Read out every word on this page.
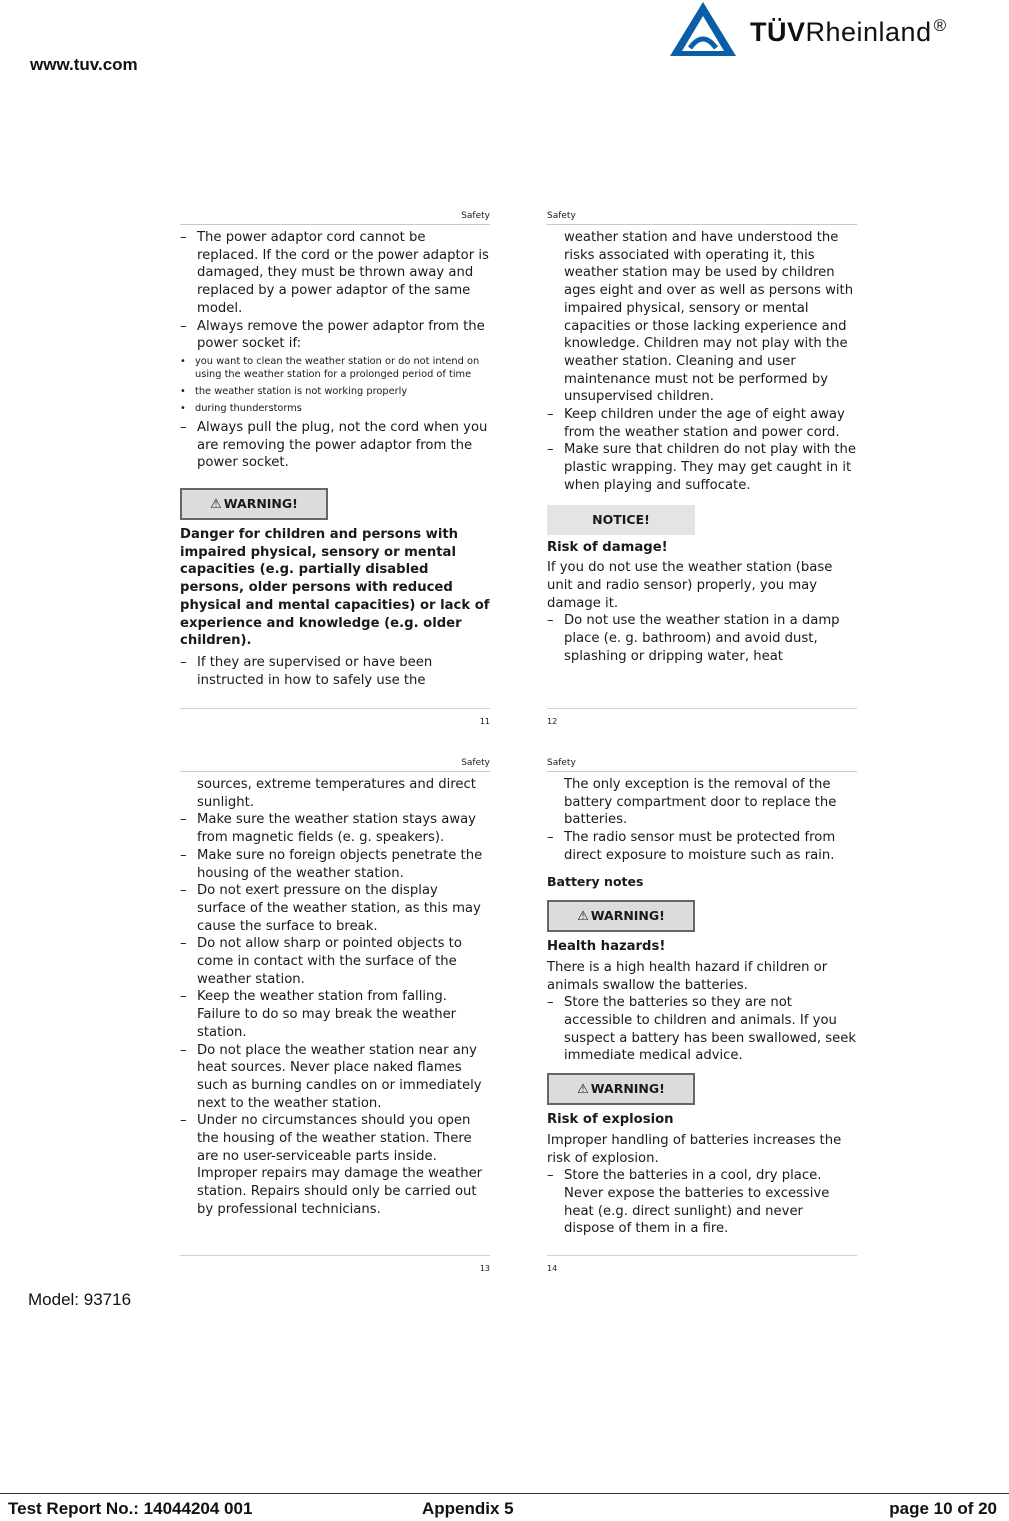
www.tuv.com
TÜVRheinland ®
Safety

– The power adaptor cord cannot be replaced. If the cord or the power adaptor is damaged, they must be thrown away and replaced by a power adaptor of the same model.

– Always remove the power adaptor from the power socket if:

• you want to clean the weather station or do not intend on using the weather station for a prolonged period of time

• the weather station is not working properly

• during thunderstorms

– Always pull the plug, not the cord when you are removing the power adaptor from the power socket.

⚠ WARNING!

Danger for children and persons with impaired physical, sensory or mental capacities (e.g. partially disabled persons, older persons with reduced physical and mental capacities) or lack of experience and knowledge (e.g. older children).

– If they are supervised or have been instructed in how to safely use the

11
Safety

weather station and have understood the risks associated with operating it, this weather station may be used by children ages eight and over as well as persons with impaired physical, sensory or mental capacities or those lacking experience and knowledge. Children may not play with the weather station. Cleaning and user maintenance must not be performed by unsupervised children.

– Keep children under the age of eight away from the weather station and power cord.

– Make sure that children do not play with the plastic wrapping. They may get caught in it when playing and suffocate.

NOTICE!

Risk of damage!

If you do not use the weather station (base unit and radio sensor) properly, you may damage it.

– Do not use the weather station in a damp place (e. g. bathroom) and avoid dust, splashing or dripping water, heat

12
Safety

sources, extreme temperatures and direct sunlight.

– Make sure the weather station stays away from magnetic fields (e. g. speakers).

– Make sure no foreign objects penetrate the housing of the weather station.

– Do not exert pressure on the display surface of the weather station, as this may cause the surface to break.

– Do not allow sharp or pointed objects to come in contact with the surface of the weather station.

– Keep the weather station from falling. Failure to do so may break the weather station.

– Do not place the weather station near any heat sources. Never place naked flames such as burning candles on or immediately next to the weather station.

– Under no circumstances should you open the housing of the weather station. There are no user-serviceable parts inside. Improper repairs may damage the weather station. Repairs should only be carried out by professional technicians.

13
Safety

The only exception is the removal of the battery compartment door to replace the batteries.

– The radio sensor must be protected from direct exposure to moisture such as rain.

Battery notes

⚠ WARNING!

Health hazards!

There is a high health hazard if children or animals swallow the batteries.

– Store the batteries so they are not accessible to children and animals. If you suspect a battery has been swallowed, seek immediate medical advice.

⚠ WARNING!

Risk of explosion

Improper handling of batteries increases the risk of explosion.

– Store the batteries in a cool, dry place. Never expose the batteries to excessive heat (e.g. direct sunlight) and never dispose of them in a fire.

14
Model: 93716
Test Report No.: 14044204 001	Appendix 5	page 10 of 20
